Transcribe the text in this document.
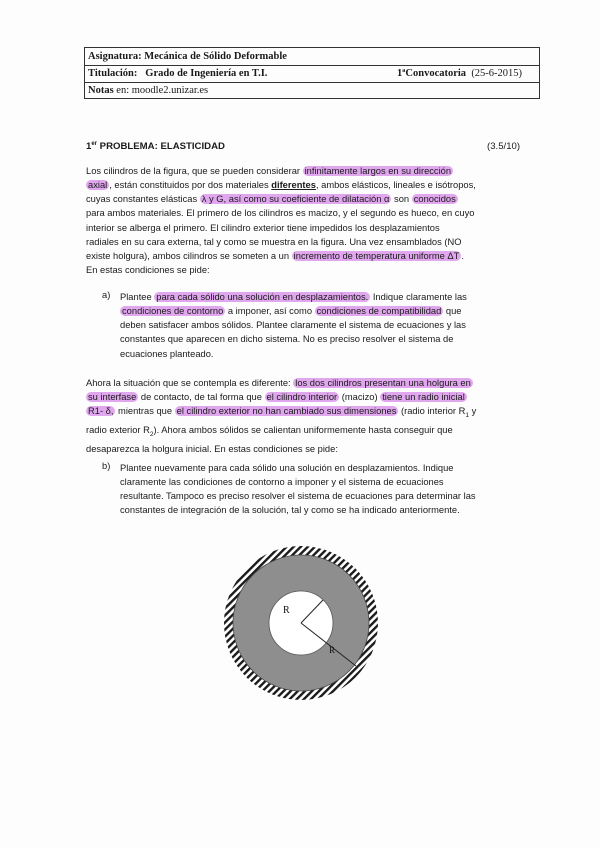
Asignatura: Mecánica de Sólido Deformable
Titulación: Grado de Ingeniería en T.I.	1ªConvocatoria (25-6-2015)
Notas en: moodle2.unizar.es
1er PROBLEMA: ELASTICIDAD	(3.5/10)
Los cilindros de la figura, que se pueden considerar infinitamente largos en su dirección
axial , están constituidos por dos materiales diferentes, ambos elásticos, lineales e isótropos,
cuyas constantes elásticas λ y G, así como su coeficiente de dilatación α son conocidos
para ambos materiales. El primero de los cilindros es macizo, y el segundo es hueco, en cuyo
interior se alberga el primero. El cilindro exterior tiene impedidos los desplazamientos
radiales en su cara externa, tal y como se muestra en la figura. Una vez ensamblados (NO
existe holgura), ambos cilindros se someten a un incremento de temperatura uniforme ΔT .
En estas condiciones se pide:
a) Plantee para cada sólido una solución en desplazamientos. Indique claramente las
condiciones de contorno a imponer, así como condiciones de compatibilidad que
deben satisfacer ambos sólidos. Plantee claramente el sistema de ecuaciones y las
constantes que aparecen en dicho sistema. No es preciso resolver el sistema de
ecuaciones planteado.
Ahora la situación que se contempla es diferente: los dos cilindros presentan una holgura en
su interfase de contacto, de tal forma que el cilindro interior (macizo) tiene un radio inicial
R1- δ, mientras que el cilindro exterior no han cambiado sus dimensiones (radio interior $R_1$ y
radio exterior $R_2$). Ahora ambos sólidos se calientan uniformemente hasta conseguir que
desaparezca la holgura inicial. En estas condiciones se pide:
b) Plantee nuevamente para cada sólido una solución en desplazamientos. Indique
claramente las condiciones de contorno a imponer y el sistema de ecuaciones
resultante. Tampoco es preciso resolver el sistema de ecuaciones para determinar las
constantes de integración de la solución, tal y como se ha indicado anteriormente.
R
R
